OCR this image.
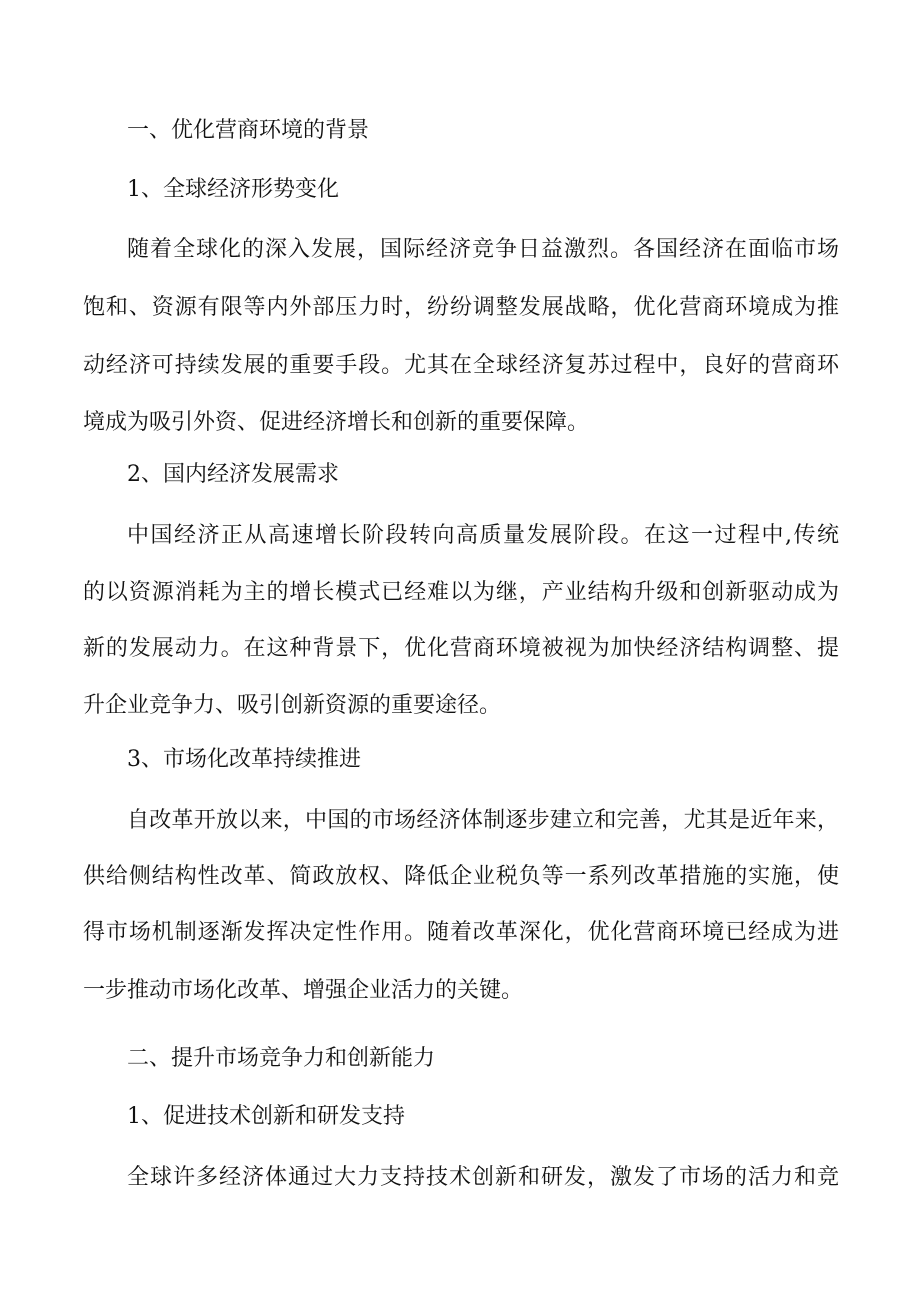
一、优化营商环境的背景
1、全球经济形势变化
随着全球化的深入发展，国际经济竞争日益激烈。各国经济在面临市场
饱和、资源有限等内外部压力时，纷纷调整发展战略，优化营商环境成为推
动经济可持续发展的重要手段。尤其在全球经济复苏过程中，良好的营商环
境成为吸引外资、促进经济增长和创新的重要保障。
2、国内经济发展需求
中国经济正从高速增长阶段转向高质量发展阶段。在这一过程中,传统
的以资源消耗为主的增长模式已经难以为继，产业结构升级和创新驱动成为
新的发展动力。在这种背景下，优化营商环境被视为加快经济结构调整、提
升企业竞争力、吸引创新资源的重要途径。
3、市场化改革持续推进
自改革开放以来，中国的市场经济体制逐步建立和完善，尤其是近年来，
供给侧结构性改革、简政放权、降低企业税负等一系列改革措施的实施，使
得市场机制逐渐发挥决定性作用。随着改革深化，优化营商环境已经成为进
一步推动市场化改革、增强企业活力的关键。
二、提升市场竞争力和创新能力
1、促进技术创新和研发支持
全球许多经济体通过大力支持技术创新和研发，激发了市场的活力和竞
